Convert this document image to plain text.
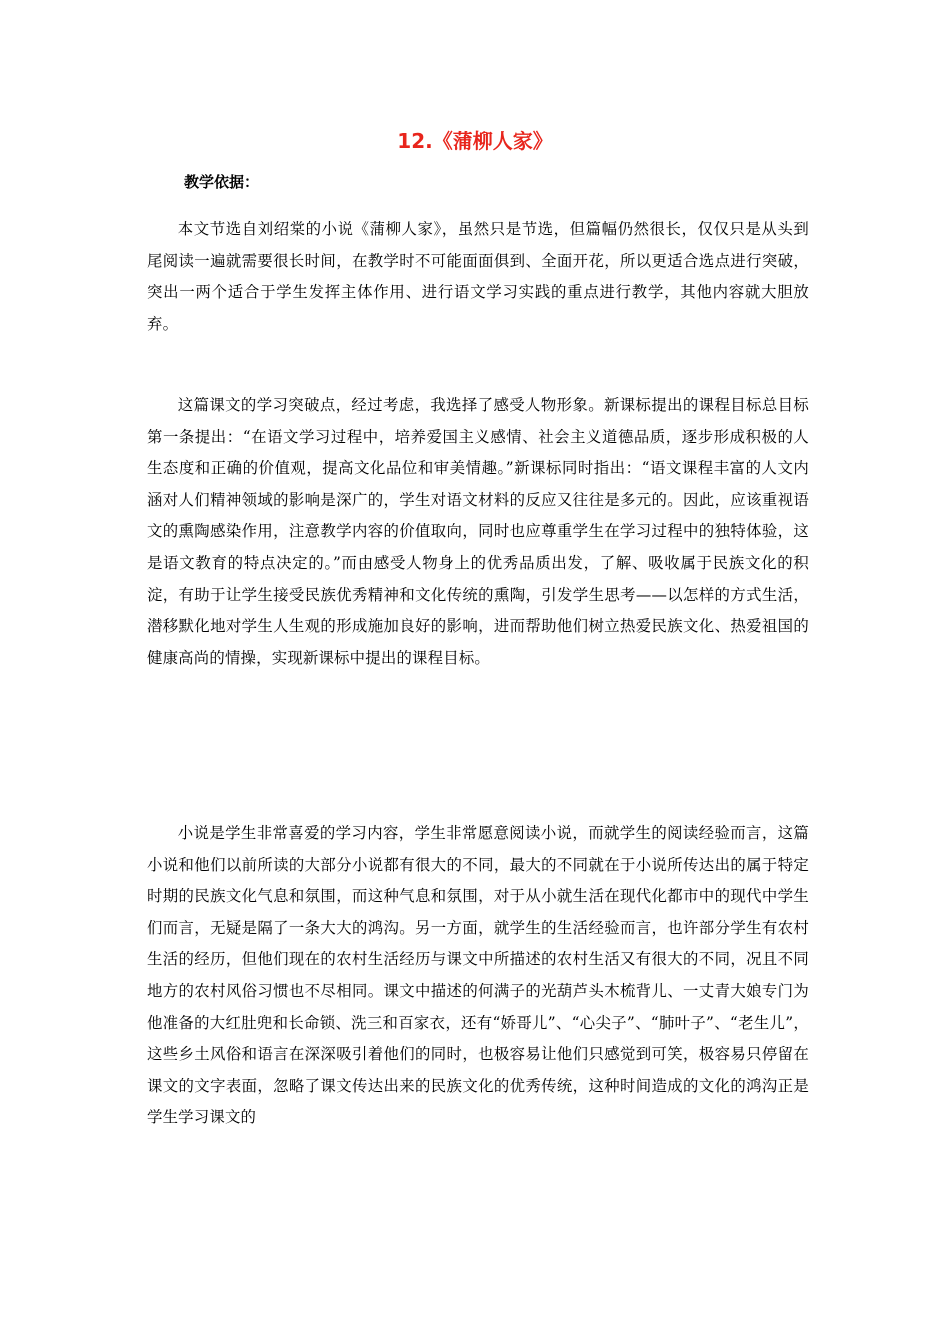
12.《蒲柳人家》
教学依据：

本文节选自刘绍棠的小说《蒲柳人家》，虽然只是节选，但篇幅仍然很长，仅仅只是从头到尾阅读一遍就需要很长时间，在教学时不可能面面俱到、全面开花，所以更适合选点进行突破，突出一两个适合于学生发挥主体作用、进行语文学习实践的重点进行教学，其他内容就大胆放弃。

这篇课文的学习突破点，经过考虑，我选择了感受人物形象。新课标提出的课程目标总目标第一条提出：“在语文学习过程中，培养爱国主义感情、社会主义道德品质，逐步形成积极的人生态度和正确的价值观，提高文化品位和审美情趣。”新课标同时指出：“语文课程丰富的人文内涵对人们精神领域的影响是深广的，学生对语文材料的反应又往往是多元的。因此，应该重视语文的熏陶感染作用，注意教学内容的价值取向，同时也应尊重学生在学习过程中的独特体验，这是语文教育的特点决定的。”而由感受人物身上的优秀品质出发，了解、吸收属于民族文化的积淀，有助于让学生接受民族优秀精神和文化传统的熏陶，引发学生思考——以怎样的方式生活，潜移默化地对学生人生观的形成施加良好的影响，进而帮助他们树立热爱民族文化、热爱祖国的健康高尚的情操，实现新课标中提出的课程目标。

小说是学生非常喜爱的学习内容，学生非常愿意阅读小说，而就学生的阅读经验而言，这篇小说和他们以前所读的大部分小说都有很大的不同，最大的不同就在于小说所传达出的属于特定时期的民族文化气息和氛围，而这种气息和氛围，对于从小就生活在现代化都市中的现代中学生们而言，无疑是隔了一条大大的鸿沟。另一方面，就学生的生活经验而言，也许部分学生有农村生活的经历，但他们现在的农村生活经历与课文中所描述的农村生活又有很大的不同，况且不同地方的农村风俗习惯也不尽相同。课文中描述的何满子的光葫芦头木梳背儿、一丈青大娘专门为他准备的大红肚兜和长命锁、洗三和百家衣，还有“娇哥儿”、“心尖子”、“肺叶子”、“老生儿”，这些乡土风俗和语言在深深吸引着他们的同时，也极容易让他们只感觉到可笑，极容易只停留在课文的文字表面，忽略了课文传达出来的民族文化的优秀传统，这种时间造成的文化的鸿沟正是学生学习课文的
